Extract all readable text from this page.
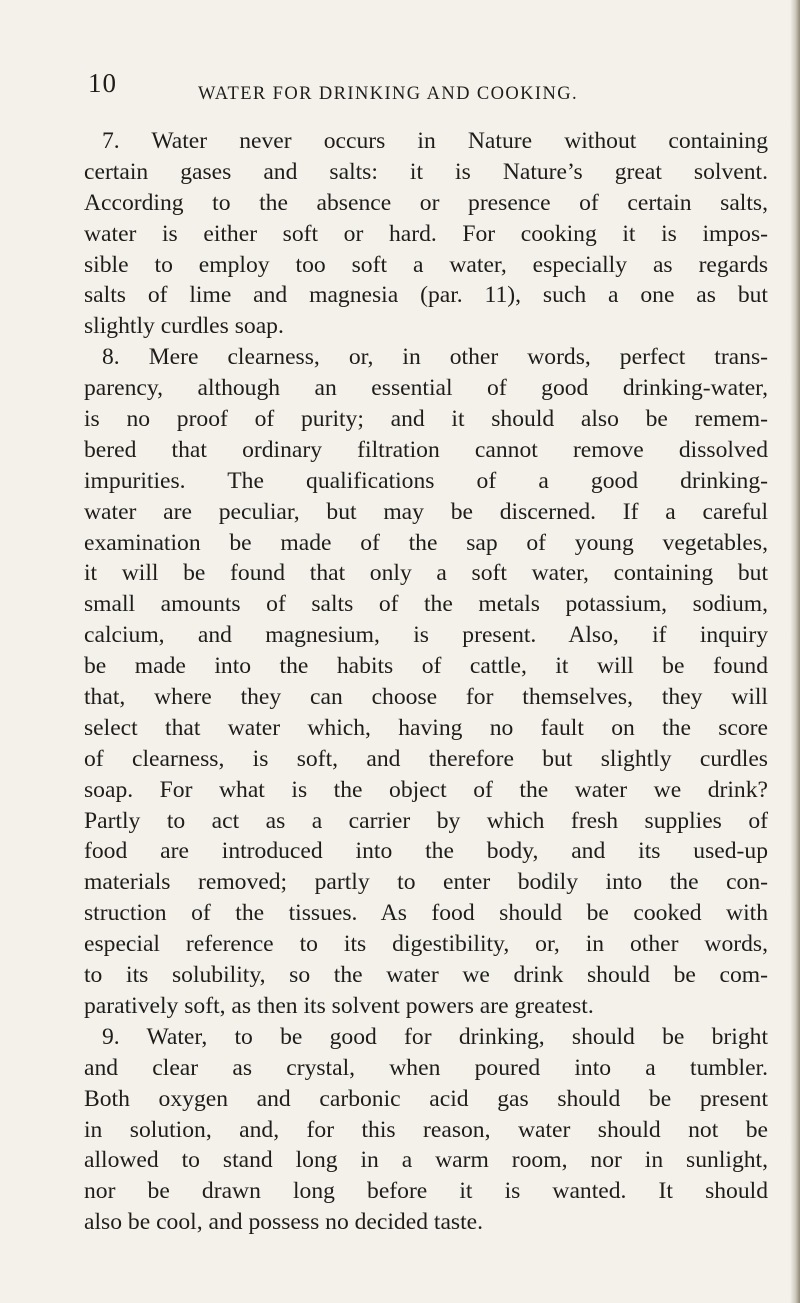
10	WATER FOR DRINKING AND COOKING.
7. Water never occurs in Nature without containing
certain gases and salts: it is Nature’s great solvent.
According to the absence or presence of certain salts,
water is either soft or hard. For cooking it is impos-
sible to employ too soft a water, especially as regards
salts of lime and magnesia (par. 11), such a one as but
slightly curdles soap.
8. Mere clearness, or, in other words, perfect trans-
parency, although an essential of good drinking-water,
is no proof of purity; and it should also be remem-
bered that ordinary filtration cannot remove dissolved
impurities. The qualifications of a good drinking-
water are peculiar, but may be discerned. If a careful
examination be made of the sap of young vegetables,
it will be found that only a soft water, containing but
small amounts of salts of the metals potassium, sodium,
calcium, and magnesium, is present. Also, if inquiry
be made into the habits of cattle, it will be found
that, where they can choose for themselves, they will
select that water which, having no fault on the score
of clearness, is soft, and therefore but slightly curdles
soap. For what is the object of the water we drink?
Partly to act as a carrier by which fresh supplies of
food are introduced into the body, and its used-up
materials removed; partly to enter bodily into the con-
struction of the tissues. As food should be cooked with
especial reference to its digestibility, or, in other words,
to its solubility, so the water we drink should be com-
paratively soft, as then its solvent powers are greatest.
9. Water, to be good for drinking, should be bright
and clear as crystal, when poured into a tumbler.
Both oxygen and carbonic acid gas should be present
in solution, and, for this reason, water should not be
allowed to stand long in a warm room, nor in sunlight,
nor be drawn long before it is wanted. It should
also be cool, and possess no decided taste.
